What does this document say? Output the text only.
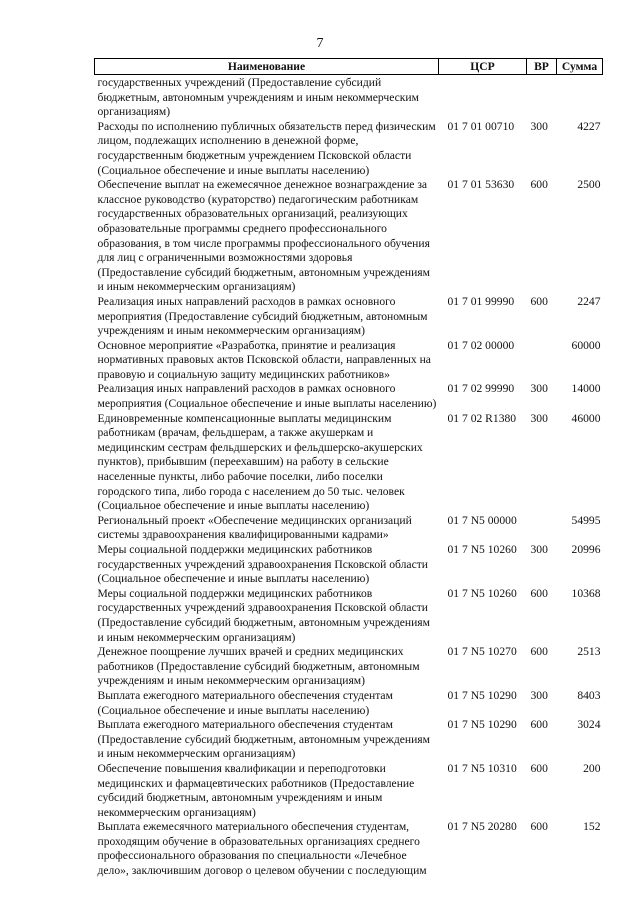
7
Наименование	ЦСР	ВР	Сумма
государственных учреждений (Предоставление субсидий бюджетным, автономным учреждениям и иным некоммерческим организациям)			
Расходы по исполнению публичных обязательств перед физическим лицом, подлежащих исполнению в денежной форме, государственным бюджетным учреждением Псковской области (Социальное обеспечение и иные выплаты населению)	01 7 01 00710	300	4227
Обеспечение выплат на ежемесячное денежное вознаграждение за классное руководство (кураторство) педагогическим работникам государственных образовательных организаций, реализующих образовательные программы среднего профессионального образования, в том числе программы профессионального обучения для лиц с ограниченными возможностями здоровья (Предоставление субсидий бюджетным, автономным учреждениям и иным некоммерческим организациям)	01 7 01 53630	600	2500
Реализация иных направлений расходов в рамках основного мероприятия (Предоставление субсидий бюджетным, автономным учреждениям и иным некоммерческим организациям)	01 7 01 99990	600	2247
Основное мероприятие «Разработка, принятие и реализация нормативных правовых актов Псковской области, направленных на правовую и социальную защиту медицинских работников»	01 7 02 00000		60000
Реализация иных направлений расходов в рамках основного мероприятия (Социальное обеспечение и иные выплаты населению)	01 7 02 99990	300	14000
Единовременные компенсационные выплаты медицинским работникам (врачам, фельдшерам, а также акушеркам и медицинским сестрам фельдшерских и фельдшерско-акушерских пунктов), прибывшим (переехавшим) на работу в сельские населенные пункты, либо рабочие поселки, либо поселки городского типа, либо города с населением до 50 тыс. человек (Социальное обеспечение и иные выплаты населению)	01 7 02 R1380	300	46000
Региональный проект «Обеспечение медицинских организаций системы здравоохранения квалифицированными кадрами»	01 7 N5 00000		54995
Меры социальной поддержки медицинских работников государственных учреждений здравоохранения Псковской области (Социальное обеспечение и иные выплаты населению)	01 7 N5 10260	300	20996
Меры социальной поддержки медицинских работников государственных учреждений здравоохранения Псковской области (Предоставление субсидий бюджетным, автономным учреждениям и иным некоммерческим организациям)	01 7 N5 10260	600	10368
Денежное поощрение лучших врачей и средних медицинских работников (Предоставление субсидий бюджетным, автономным учреждениям и иным некоммерческим организациям)	01 7 N5 10270	600	2513
Выплата ежегодного материального обеспечения студентам (Социальное обеспечение и иные выплаты населению)	01 7 N5 10290	300	8403
Выплата ежегодного материального обеспечения студентам (Предоставление субсидий бюджетным, автономным учреждениям и иным некоммерческим организациям)	01 7 N5 10290	600	3024
Обеспечение повышения квалификации и переподготовки медицинских и фармацевтических работников (Предоставление субсидий бюджетным, автономным учреждениям и иным некоммерческим организациям)	01 7 N5 10310	600	200
Выплата ежемесячного материального обеспечения студентам, проходящим обучение в образовательных организациях среднего профессионального образования по специальности «Лечебное дело», заключившим договор о целевом обучении с последующим	01 7 N5 20280	600	152
